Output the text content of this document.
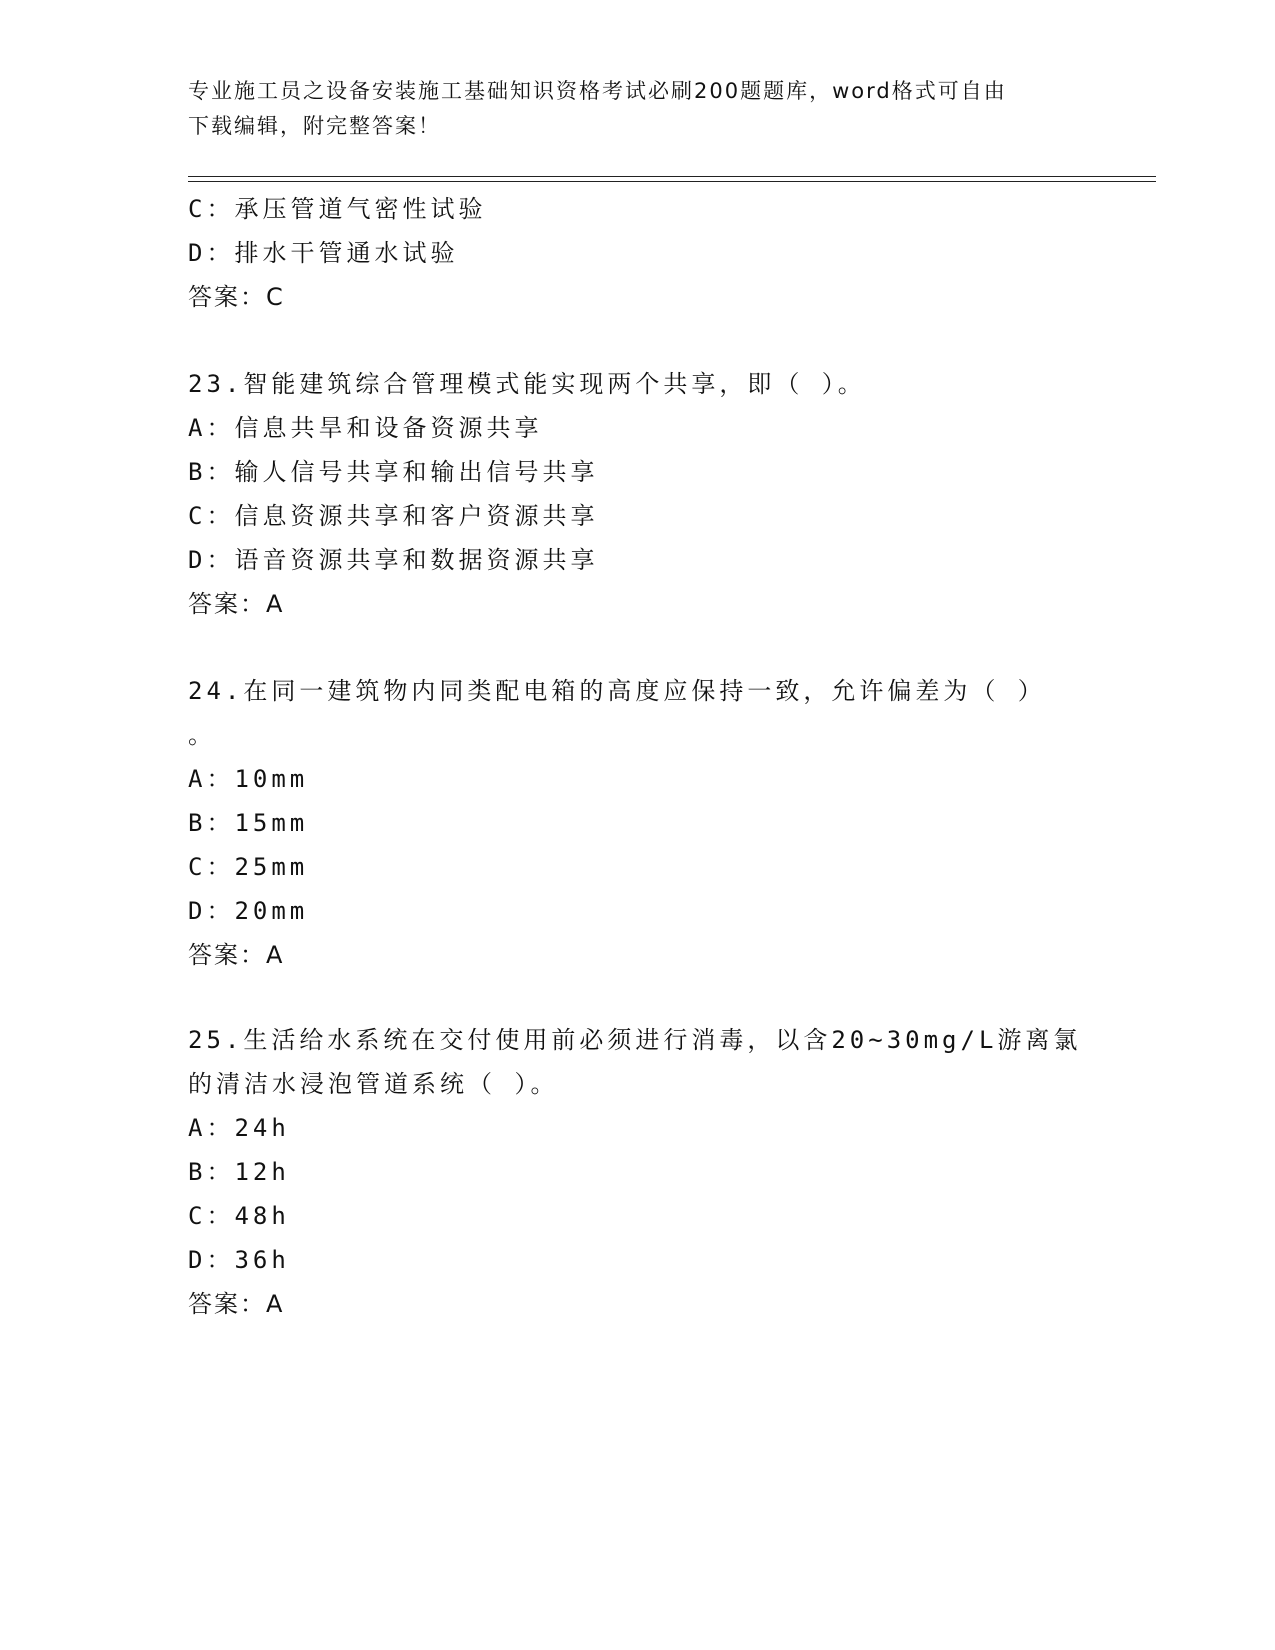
专业施工员之设备安装施工基础知识资格考试必刷200题题库，word格式可自由
下载编辑，附完整答案！
C：承压管道气密性试验
D：排水干管通水试验
答案：C
23.智能建筑综合管理模式能实现两个共享，即（ ）。
A：信息共旱和设备资源共享
B：输人信号共享和输出信号共享
C：信息资源共享和客户资源共享
D：语音资源共享和数据资源共享
答案：A
24.在同一建筑物内同类配电箱的高度应保持一致，允许偏差为（ ）
。
A：10mm
B：15mm
C：25mm
D：20mm
答案：A
25.生活给水系统在交付使用前必须进行消毒，以含20~30mg/L游离氯
的清洁水浸泡管道系统（ ）。
A：24h
B：12h
C：48h
D：36h
答案：A
